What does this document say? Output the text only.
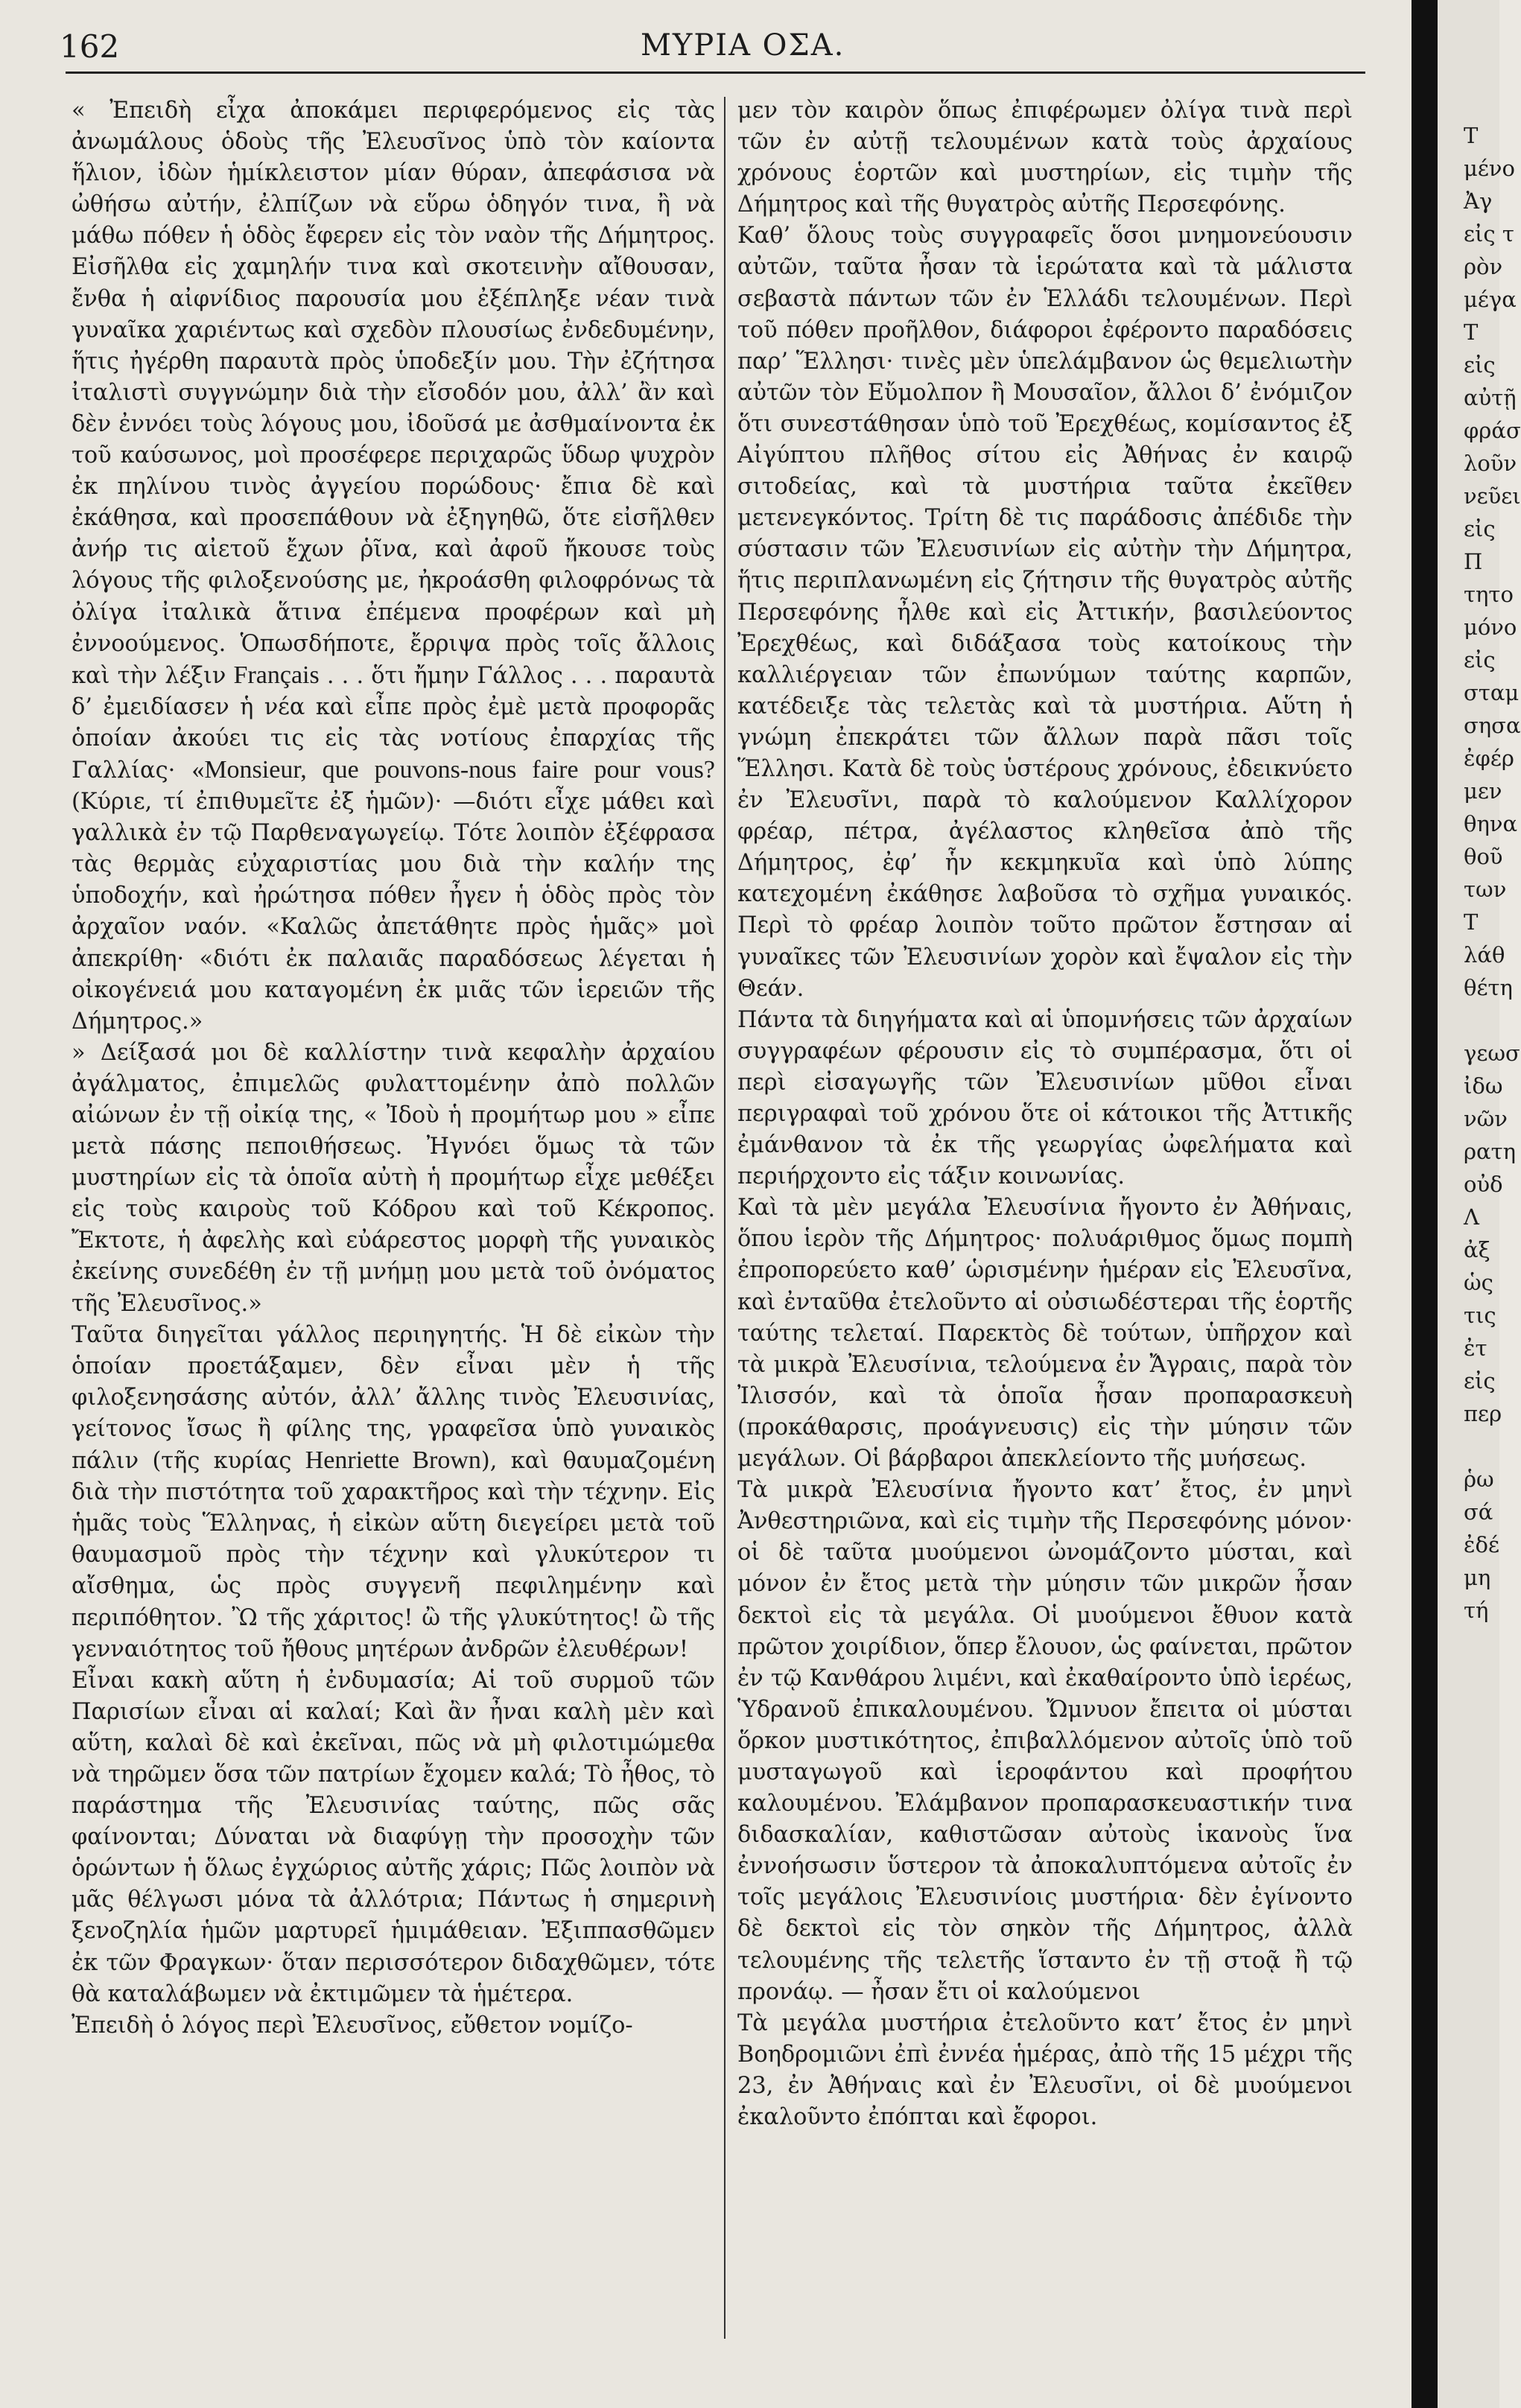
162	ΜΥΡΙΑ ΟΣΑ.

« Ἐπειδὴ εἶχα ἀποκάμει περιφερόμενος εἰς τὰς ἀνωμάλους ὁδοὺς τῆς Ἐλευσῖνος ὑπὸ τὸν καίοντα ἥλιον, ἰδὼν ἡμίκλειστον μίαν θύραν, ἀπεφάσισα νὰ ὠθήσω αὐτήν, ἐλπίζων νὰ εὕρω ὁδηγόν τινα, ἢ νὰ μάθω πόθεν ἡ ὁδὸς ἔφερεν εἰς τὸν ναὸν τῆς Δήμητρος. Εἰσῆλθα εἰς χαμηλήν τινα καὶ σκοτεινὴν αἴθουσαν, ἔνθα ἡ αἰφνίδιος παρουσία μου ἐξέπληξε νέαν τινὰ γυναῖκα χαριέντως καὶ σχεδὸν πλουσίως ἐνδεδυμένην, ἥτις ἠγέρθη παραυτὰ πρὸς ὑποδεξίν μου. Τὴν ἐζήτησα ἰταλιστὶ συγγνώμην διὰ τὴν εἴσοδόν μου, ἀλλ’ ἂν καὶ δὲν ἐννόει τοὺς λόγους μου, ἰδοῦσά με ἀσθμαίνοντα ἐκ τοῦ καύσωνος, μοὶ προσέφερε περιχαρῶς ὕδωρ ψυχρὸν ἐκ πηλίνου τινὸς ἀγγείου πορώδους· ἔπια δὲ καὶ ἐκάθησα, καὶ προσεπάθουν νὰ ἐξηγηθῶ, ὅτε εἰσῆλθεν ἀνήρ τις αἰετοῦ ἔχων ῥῖνα, καὶ ἀφοῦ ἤκουσε τοὺς λόγους τῆς φιλοξενούσης με, ἠκροάσθη φιλοφρόνως τὰ ὀλίγα ἰταλικὰ ἅτινα ἐπέμενα προφέρων καὶ μὴ ἐννοούμενος. Ὁπωσδήποτε, ἔρριψα πρὸς τοῖς ἄλλοις καὶ τὴν λέξιν Français . . . ὅτι ἤμην Γάλλος . . . παραυτὰ δ’ ἐμειδίασεν ἡ νέα καὶ εἶπε πρὸς ἐμὲ μετὰ προφορᾶς ὁποίαν ἀκούει τις εἰς τὰς νοτίους ἐπαρχίας τῆς Γαλλίας· «Monsieur, que pouvons-nous faire pour vous? (Κύριε, τί ἐπιθυμεῖτε ἐξ ἡμῶν)· —διότι εἶχε μάθει καὶ γαλλικὰ ἐν τῷ Παρθεναγωγείῳ. Τότε λοιπὸν ἐξέφρασα τὰς θερμὰς εὐχαριστίας μου διὰ τὴν καλήν της ὑποδοχήν, καὶ ἠρώτησα πόθεν ἦγεν ἡ ὁδὸς πρὸς τὸν ἀρχαῖον ναόν. «Καλῶς ἀπετάθητε πρὸς ἡμᾶς» μοὶ ἀπεκρίθη· «διότι ἐκ παλαιᾶς παραδόσεως λέγεται ἡ οἰκογένειά μου καταγομένη ἐκ μιᾶς τῶν ἱερειῶν τῆς Δήμητρος.»

» Δείξασά μοι δὲ καλλίστην τινὰ κεφαλὴν ἀρχαίου ἀγάλματος, ἐπιμελῶς φυλαττομένην ἀπὸ πολλῶν αἰώνων ἐν τῇ οἰκίᾳ της, « Ἰδοὺ ἡ προμήτωρ μου » εἶπε μετὰ πάσης πεποιθήσεως. Ἠγνόει ὅμως τὰ τῶν μυστηρίων εἰς τὰ ὁποῖα αὐτὴ ἡ προμήτωρ εἶχε μεθέξει εἰς τοὺς καιροὺς τοῦ Κόδρου καὶ τοῦ Κέκροπος. Ἔκτοτε, ἡ ἀφελὴς καὶ εὐάρεστος μορφὴ τῆς γυναικὸς ἐκείνης συνεδέθη ἐν τῇ μνήμῃ μου μετὰ τοῦ ὀνόματος τῆς Ἐλευσῖνος.»

Ταῦτα διηγεῖται γάλλος περιηγητής. Ἡ δὲ εἰκὼν τὴν ὁποίαν προετάξαμεν, δὲν εἶναι μὲν ἡ τῆς φιλοξενησάσης αὐτόν, ἀλλ’ ἄλλης τινὸς Ἐλευσινίας, γείτονος ἴσως ἢ φίλης της, γραφεῖσα ὑπὸ γυναικὸς πάλιν (τῆς κυρίας Henriette Brown), καὶ θαυμαζομένη διὰ τὴν πιστότητα τοῦ χαρακτῆρος καὶ τὴν τέχνην. Εἰς ἡμᾶς τοὺς Ἕλληνας, ἡ εἰκὼν αὕτη διεγείρει μετὰ τοῦ θαυμασμοῦ πρὸς τὴν τέχνην καὶ γλυκύτερον τι αἴσθημα, ὡς πρὸς συγγενῆ πεφιλημένην καὶ περιπόθητον. Ὢ τῆς χάριτος! ὢ τῆς γλυκύτητος! ὢ τῆς γενναιότητος τοῦ ἤθους μητέρων ἀνδρῶν ἐλευθέρων!

Εἶναι κακὴ αὕτη ἡ ἐνδυμασία; Αἱ τοῦ συρμοῦ τῶν Παρισίων εἶναι αἱ καλαί; Καὶ ἂν ἦναι καλὴ μὲν καὶ αὕτη, καλαὶ δὲ καὶ ἐκεῖναι, πῶς νὰ μὴ φιλοτιμώμεθα νὰ τηρῶμεν ὅσα τῶν πατρίων ἔχομεν καλά; Τὸ ἦθος, τὸ παράστημα τῆς Ἐλευσινίας ταύτης, πῶς σᾶς φαίνονται; Δύναται νὰ διαφύγῃ τὴν προσοχὴν τῶν ὁρώντων ἡ ὅλως ἐγχώριος αὐτῆς χάρις; Πῶς λοιπὸν νὰ μᾶς θέλγωσι μόνα τὰ ἀλλότρια; Πάντως ἡ σημερινὴ ξενοζηλία ἡμῶν μαρτυρεῖ ἡμιμάθειαν. Ἐξιππασθῶμεν ἐκ τῶν Φραγκων· ὅταν περισσότερον διδαχθῶμεν, τότε θὰ καταλάβωμεν νὰ ἐκτιμῶμεν τὰ ἡμέτερα.

Ἐπειδὴ ὁ λόγος περὶ Ἐλευσῖνος, εὔθετον νομίζο-

μεν τὸν καιρὸν ὅπως ἐπιφέρωμεν ὀλίγα τινὰ περὶ τῶν ἐν αὐτῇ τελουμένων κατὰ τοὺς ἀρχαίους χρόνους ἑορτῶν καὶ μυστηρίων, εἰς τιμὴν τῆς Δήμητρος καὶ τῆς θυγατρὸς αὐτῆς Περσεφόνης.

Καθ’ ὅλους τοὺς συγγραφεῖς ὅσοι μνημονεύουσιν αὐτῶν, ταῦτα ἦσαν τὰ ἱερώτατα καὶ τὰ μάλιστα σεβαστὰ πάντων τῶν ἐν Ἑλλάδι τελουμένων. Περὶ τοῦ πόθεν προῆλθον, διάφοροι ἐφέροντο παραδόσεις παρ’ Ἕλλησι· τινὲς μὲν ὑπελάμβανον ὡς θεμελιωτὴν αὐτῶν τὸν Εὔμολπον ἢ Μουσαῖον, ἄλλοι δ’ ἐνόμιζον ὅτι συνεστάθησαν ὑπὸ τοῦ Ἐρεχθέως, κομίσαντος ἐξ Αἰγύπτου πλῆθος σίτου εἰς Ἀθήνας ἐν καιρῷ σιτοδείας, καὶ τὰ μυστήρια ταῦτα ἐκεῖθεν μετενεγκόντος. Τρίτη δὲ τις παράδοσις ἀπέδιδε τὴν σύστασιν τῶν Ἐλευσινίων εἰς αὐτὴν τὴν Δήμητρα, ἥτις περιπλανωμένη εἰς ζήτησιν τῆς θυγατρὸς αὐτῆς Περσεφόνης ἦλθε καὶ εἰς Ἀττικήν, βασιλεύοντος Ἐρεχθέως, καὶ διδάξασα τοὺς κατοίκους τὴν καλλιέργειαν τῶν ἐπωνύμων ταύτης καρπῶν, κατέδειξε τὰς τελετὰς καὶ τὰ μυστήρια. Αὕτη ἡ γνώμη ἐπεκράτει τῶν ἄλλων παρὰ πᾶσι τοῖς Ἕλλησι. Κατὰ δὲ τοὺς ὑστέρους χρόνους, ἐδεικνύετο ἐν Ἐλευσῖνι, παρὰ τὸ καλούμενον Καλλίχορον φρέαρ, πέτρα, ἀγέλαστος κληθεῖσα ἀπὸ τῆς Δήμητρος, ἐφ’ ἧν κεκμηκυῖα καὶ ὑπὸ λύπης κατεχομένη ἐκάθησε λαβοῦσα τὸ σχῆμα γυναικός. Περὶ τὸ φρέαρ λοιπὸν τοῦτο πρῶτον ἔστησαν αἱ γυναῖκες τῶν Ἐλευσινίων χορὸν καὶ ἔψαλον εἰς τὴν Θεάν.

Πάντα τὰ διηγήματα καὶ αἱ ὑπομνήσεις τῶν ἀρχαίων συγγραφέων φέρουσιν εἰς τὸ συμπέρασμα, ὅτι οἱ περὶ εἰσαγωγῆς τῶν Ἐλευσινίων μῦθοι εἶναι περιγραφαὶ τοῦ χρόνου ὅτε οἱ κάτοικοι τῆς Ἀττικῆς ἐμάνθανον τὰ ἐκ τῆς γεωργίας ὠφελήματα καὶ περιήρχοντο εἰς τάξιν κοινωνίας.

Καὶ τὰ μὲν μεγάλα Ἐλευσίνια ἤγοντο ἐν Ἀθήναις, ὅπου ἱερὸν τῆς Δήμητρος· πολυάριθμος ὅμως πομπὴ ἐπροπορεύετο καθ’ ὡρισμένην ἡμέραν εἰς Ἐλευσῖνα, καὶ ἐνταῦθα ἐτελοῦντο αἱ οὐσιωδέστεραι τῆς ἑορτῆς ταύτης τελεταί. Παρεκτὸς δὲ τούτων, ὑπῆρχον καὶ τὰ μικρὰ Ἐλευσίνια, τελούμενα ἐν Ἄγραις, παρὰ τὸν Ἰλισσόν, καὶ τὰ ὁποῖα ἦσαν προπαρασκευὴ (προκάθαρσις, προάγνευσις) εἰς τὴν μύησιν τῶν μεγάλων. Οἱ βάρβαροι ἀπεκλείοντο τῆς μυήσεως.

Τὰ μικρὰ Ἐλευσίνια ἤγοντο κατ’ ἔτος, ἐν μηνὶ Ἀνθεστηριῶνα, καὶ εἰς τιμὴν τῆς Περσεφόνης μόνον· οἱ δὲ ταῦτα μυούμενοι ὠνομάζοντο μύσται, καὶ μόνον ἐν ἔτος μετὰ τὴν μύησιν τῶν μικρῶν ἦσαν δεκτοὶ εἰς τὰ μεγάλα. Οἱ μυούμενοι ἔθυον κατὰ πρῶτον χοιρίδιον, ὅπερ ἔλουον, ὡς φαίνεται, πρῶτον ἐν τῷ Κανθάρου λιμένι, καὶ ἐκαθαίροντο ὑπὸ ἱερέως, Ὑδρανοῦ ἐπικαλουμένου. Ὤμνυον ἔπειτα οἱ μύσται ὅρκον μυστικότητος, ἐπιβαλλόμενον αὐτοῖς ὑπὸ τοῦ μυσταγωγοῦ καὶ ἱεροφάντου καὶ προφήτου καλουμένου. Ἐλάμβανον προπαρασκευαστικήν τινα διδασκαλίαν, καθιστῶσαν αὐτοὺς ἱκανοὺς ἵνα ἐννοήσωσιν ὕστερον τὰ ἀποκαλυπτόμενα αὐτοῖς ἐν τοῖς μεγάλοις Ἐλευσινίοις μυστήρια· δὲν ἐγίνοντο δὲ δεκτοὶ εἰς τὸν σηκὸν τῆς Δήμητρος, ἀλλὰ τελουμένης τῆς τελετῆς ἵσταντο ἐν τῇ στοᾷ ἢ τῷ προνάῳ. — ἦσαν ἔτι οἱ καλούμενοι

Τὰ μεγάλα μυστήρια ἐτελοῦντο κατ’ ἔτος ἐν μηνὶ Βοηδρομιῶνι ἐπὶ ἐννέα ἡμέρας, ἀπὸ τῆς 15 μέχρι τῆς 23, ἐν Ἀθήναις καὶ ἐν Ἐλευσῖνι, οἱ δὲ μυούμενοι ἐκαλοῦντο ἐπόπται καὶ ἔφοροι.

Τ
μένο
Ἀγ
εἰς τ
ρὸν
μέγα
Τ
εἰς
αὐτῇ
φράσ
λοῦν
νεῦει
εἰς
Π
τητο
μόνο
εἰς
σταμ
σησα
ἐφέρ
μεν
θηνα
θοῦ
των
Τ
λάθ
θέτη

γεωσ
ἰδω
νῶν
ρατη
οὐδ
Λ
ἀξ
ὡς
τις
ἐτ
εἰς
περ

ῥω
σά
ἐδέ
μη
τή
